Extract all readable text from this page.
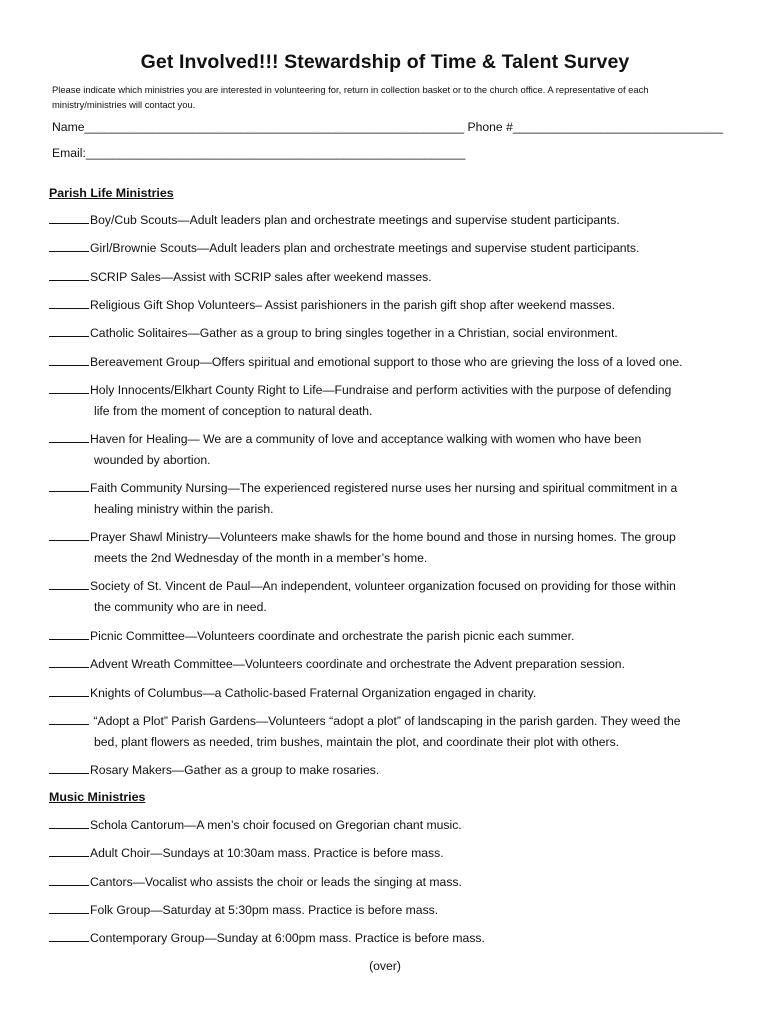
Get Involved!!! Stewardship of Time & Talent Survey
Please indicate which ministries you are interested in volunteering for, return in collection basket or to the church office. A representative of each ministry/ministries will contact you.
Name________________________________________________________ Phone #_______________________________
Email:________________________________________________________
Parish Life Ministries
Boy/Cub Scouts—Adult leaders plan and orchestrate meetings and supervise student participants.
Girl/Brownie Scouts—Adult leaders plan and orchestrate meetings and supervise student participants.
SCRIP Sales—Assist with SCRIP sales after weekend masses.
Religious Gift Shop Volunteers– Assist parishioners in the parish gift shop after weekend masses.
Catholic Solitaires—Gather as a group to bring singles together in a Christian, social environment.
Bereavement Group—Offers spiritual and emotional support to those who are grieving the loss of a loved one.
Holy Innocents/Elkhart County Right to Life—Fundraise and perform activities with the purpose of defending
life from the moment of conception to natural death.
Haven for Healing— We are a community of love and acceptance walking with women who have been
wounded by abortion.
Faith Community Nursing—The experienced registered nurse uses her nursing and spiritual commitment in a
healing ministry within the parish.
Prayer Shawl Ministry—Volunteers make shawls for the home bound and those in nursing homes. The group
meets the 2nd Wednesday of the month in a member’s home.
Society of St. Vincent de Paul—An independent, volunteer organization focused on providing for those within
the community who are in need.
Picnic Committee—Volunteers coordinate and orchestrate the parish picnic each summer.
Advent Wreath Committee—Volunteers coordinate and orchestrate the Advent preparation session.
Knights of Columbus—a Catholic-based Fraternal Organization engaged in charity.
“Adopt a Plot” Parish Gardens—Volunteers “adopt a plot” of landscaping in the parish garden. They weed the
bed, plant flowers as needed, trim bushes, maintain the plot, and coordinate their plot with others.
Rosary Makers—Gather as a group to make rosaries.
Music Ministries
Schola Cantorum—A men’s choir focused on Gregorian chant music.
Adult Choir—Sundays at 10:30am mass. Practice is before mass.
Cantors—Vocalist who assists the choir or leads the singing at mass.
Folk Group—Saturday at 5:30pm mass. Practice is before mass.
Contemporary Group—Sunday at 6:00pm mass. Practice is before mass.
(over)
